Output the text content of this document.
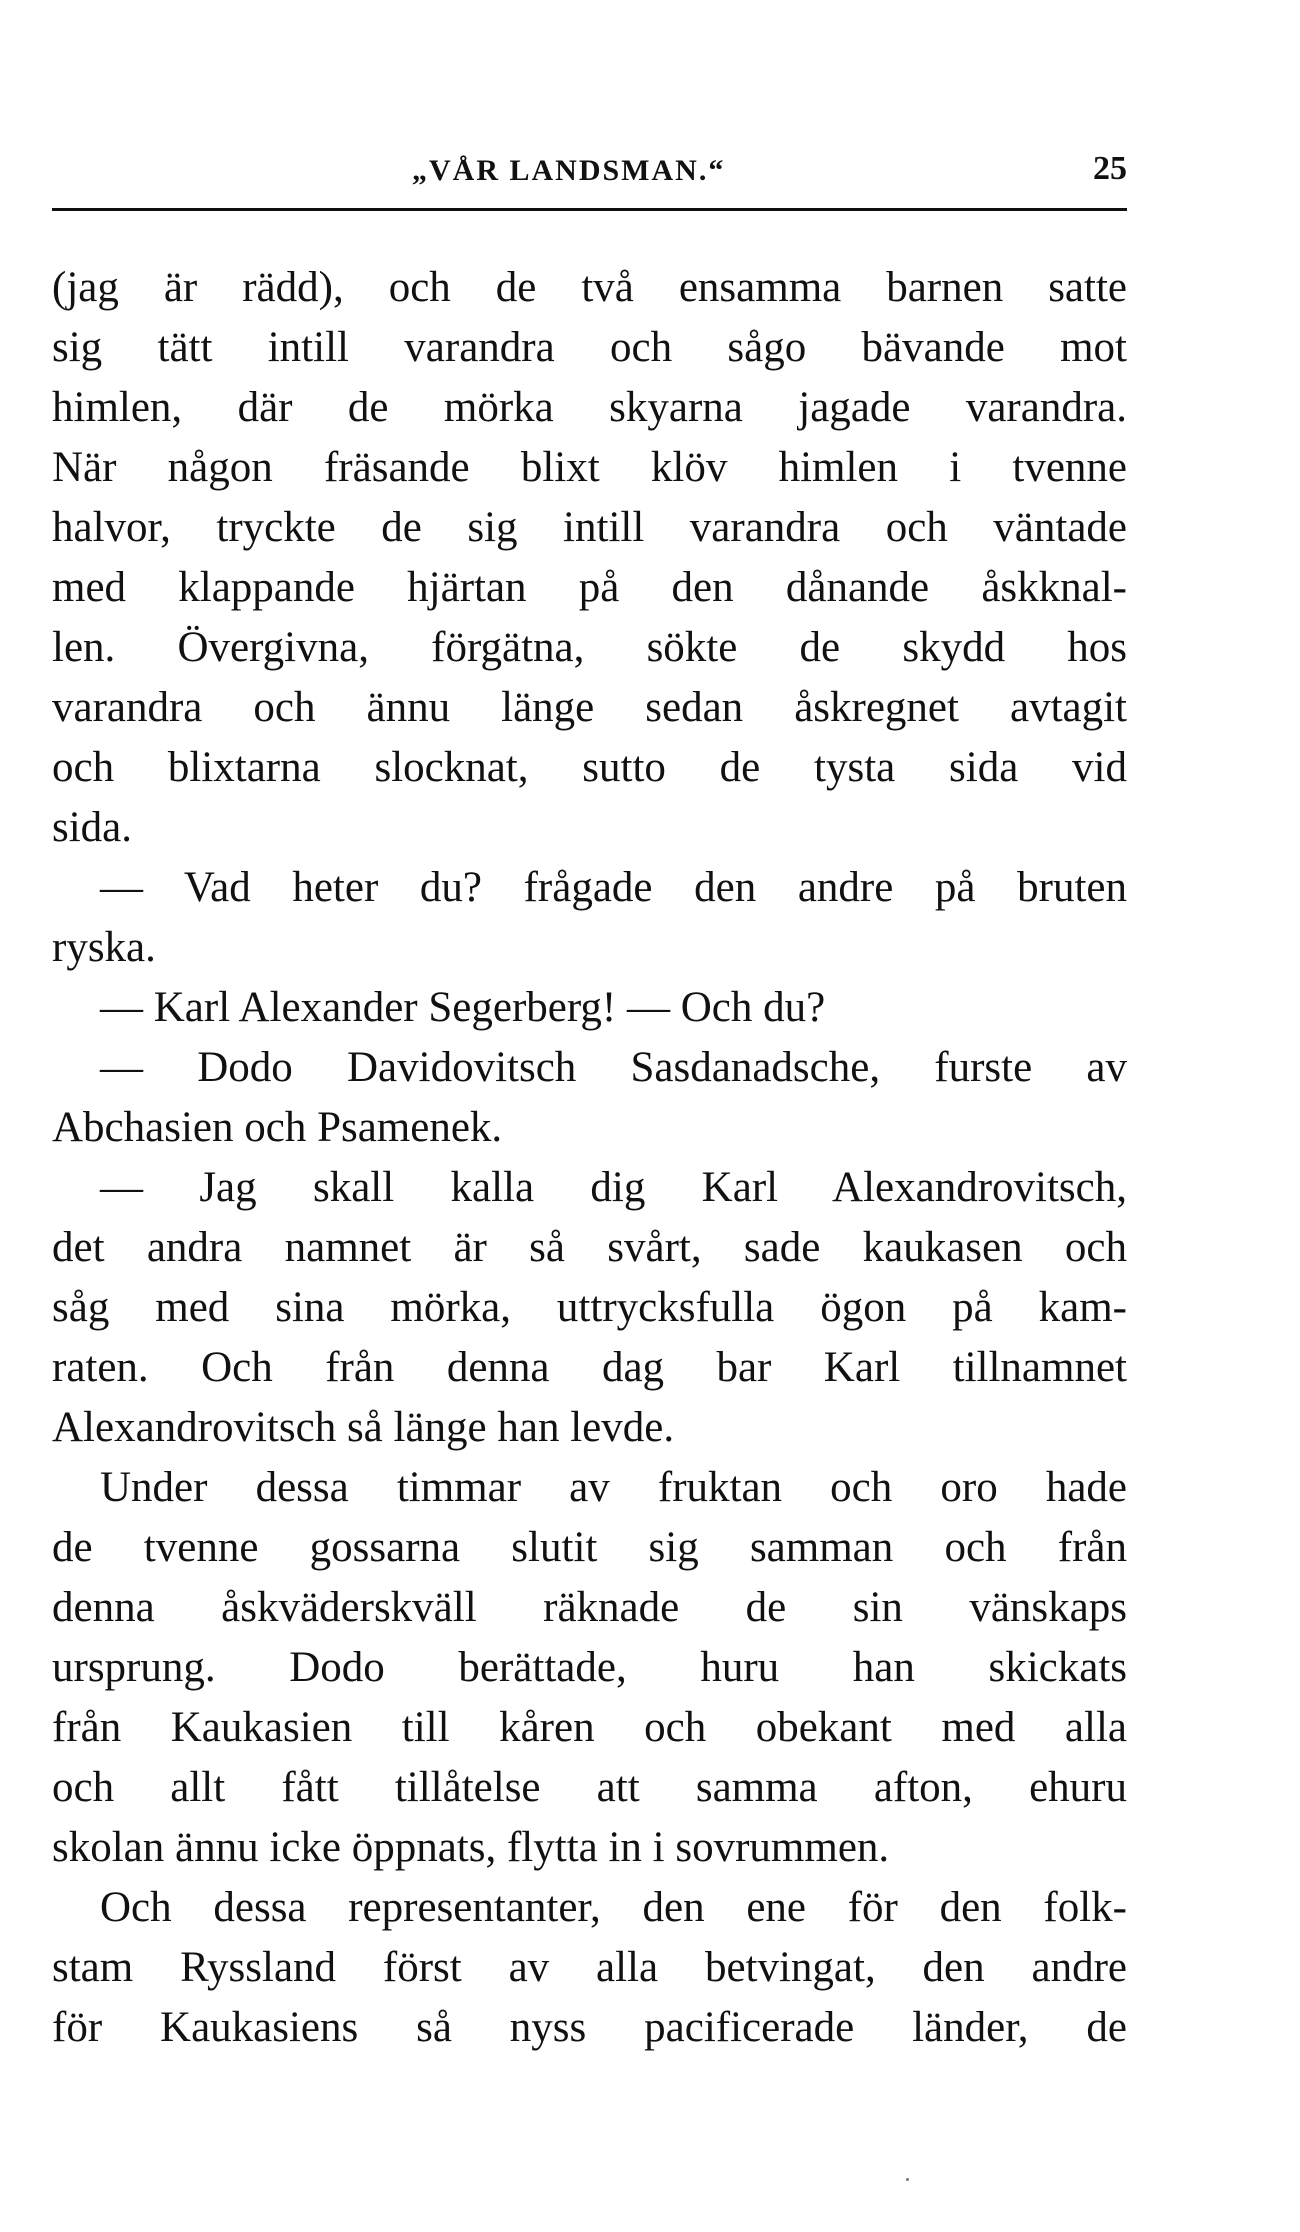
„VÅR LANDSMAN.“	25
(jag är rädd), och de två ensamma barnen satte
sig tätt intill varandra och sågo bävande mot
himlen, där de mörka skyarna jagade varandra.
När någon fräsande blixt klöv himlen i tvenne
halvor, tryckte de sig intill varandra och väntade
med klappande hjärtan på den dånande åskknal-
len. Övergivna, förgätna, sökte de skydd hos
varandra och ännu länge sedan åskregnet avtagit
och blixtarna slocknat, sutto de tysta sida vid
sida.
— Vad heter du? frågade den andre på bruten
ryska.
— Karl Alexander Segerberg! — Och du?
— Dodo Davidovitsch Sasdanadsche, furste av
Abchasien och Psamenek.
— Jag skall kalla dig Karl Alexandrovitsch,
det andra namnet är så svårt, sade kaukasen och
såg med sina mörka, uttrycksfulla ögon på kam-
raten. Och från denna dag bar Karl tillnamnet
Alexandrovitsch så länge han levde.
Under dessa timmar av fruktan och oro hade
de tvenne gossarna slutit sig samman och från
denna åskväderskväll räknade de sin vänskaps
ursprung. Dodo berättade, huru han skickats
från Kaukasien till kåren och obekant med alla
och allt fått tillåtelse att samma afton, ehuru
skolan ännu icke öppnats, flytta in i sovrummen.
Och dessa representanter, den ene för den folk-
stam Ryssland först av alla betvingat, den andre
för Kaukasiens så nyss pacificerade länder, de
